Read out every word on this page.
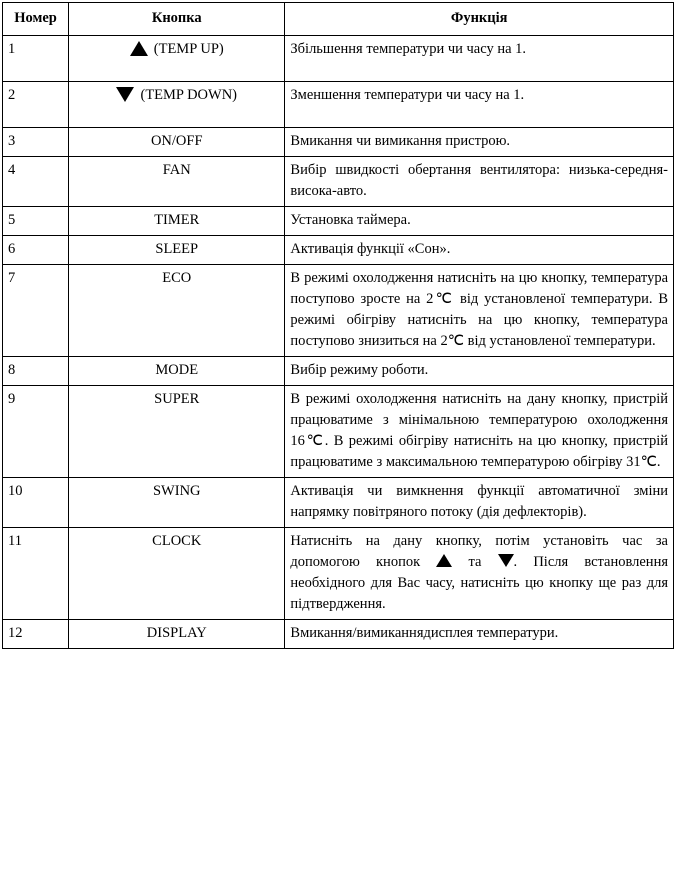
Номер	Кнопка	Функція
1	(TEMP UP)	Збільшення температури чи часу на 1.

2	(TEMP DOWN)	Зменшення температури чи часу на 1.

3	ON/OFF	Вмикання чи вимикання пристрою.

4	FAN	Вибір швидкості обертання вентилятора: низька-середня-висока-авто.

5	TIMER	Установка таймера.

6	SLEEP	Активація функції «Сон».

7	ECO	В режимі охолодження натисніть на цю кнопку, температура поступово зросте на 2℃ від установленої температури. В режимі обігріву натисніть на цю кнопку, температура поступово знизиться на 2℃ від установленої температури.

8	MODE	Вибір режиму роботи.

9	SUPER	В режимі охолодження натисніть на дану кнопку, пристрій працюватиме з мінімальною температурою охолодження 16℃. В режимі обігріву натисніть на цю кнопку, пристрій працюватиме з максимальною температурою обігріву 31℃.

10	SWING	Активація чи вимкнення функції автоматичної зміни напрямку повітряного потоку (дія дефлекторів).

11	CLOCK	Натисніть на дану кнопку, потім установіть час за допомогою кнопок та . Після встановлення необхідного для Вас часу, натисніть цю кнопку ще раз для підтвердження.

12	DISPLAY	Вмикання/вимиканнядисплея температури.
